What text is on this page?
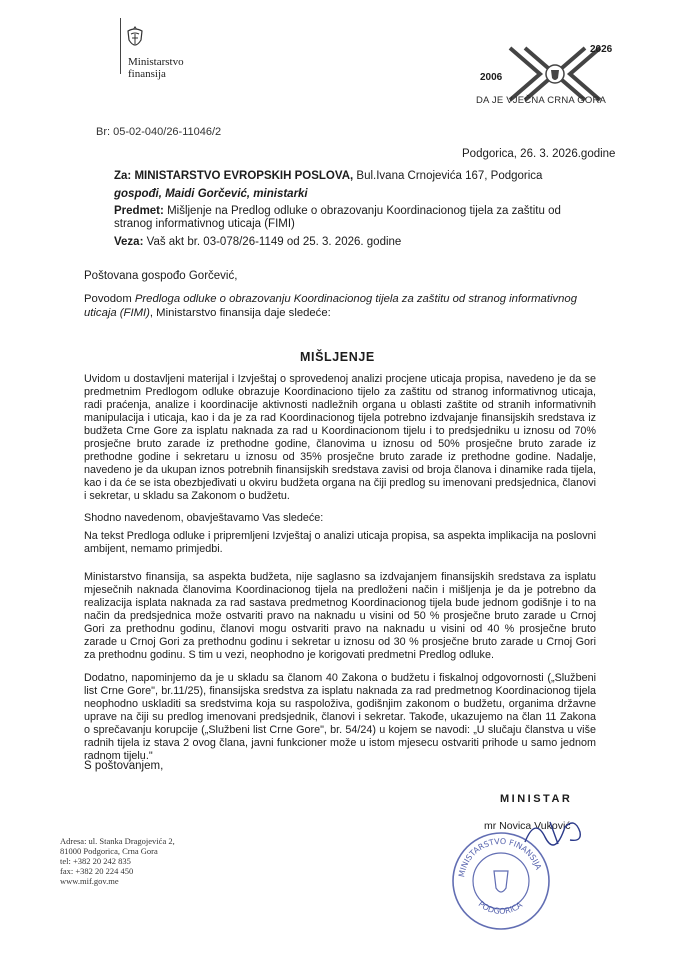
Ministarstvo
finansija	2006
2026
DA JE VJEČNA CRNA GORA
Br: 05-02-040/26-11046/2
Podgorica, 26. 3. 2026.godine
Za: MINISTARSTVO EVROPSKIH POSLOVA, Bul.Ivana Crnojevića 167, Podgorica
gospođi, Maidi Gorčević, ministarki
Predmet: Mišljenje na Predlog odluke o obrazovanju Koordinacionog tijela za zaštitu od stranog informativnog uticaja (FIMI)
Veza: Vaš akt br. 03-078/26-1149 od 25. 3. 2026. godine
Poštovana gospođo Gorčević,
Povodom Predloga odluke o obrazovanju Koordinacionog tijela za zaštitu od stranog informativnog uticaja (FIMI), Ministarstvo finansija daje sledeće:
MIŠLJENJE
Uvidom u dostavljeni materijal i Izvještaj o sprovedenoj analizi procjene uticaja propisa, navedeno je da se predmetnim Predlogom odluke obrazuje Koordinaciono tijelo za zaštitu od stranog informativnog uticaja, radi praćenja, analize i koordinacije aktivnosti nadležnih organa u oblasti zaštite od stranih informativnih manipulacija i uticaja, kao i da je za rad Koordinacionog tijela potrebno izdvajanje finansijskih sredstava iz budžeta Crne Gore za isplatu naknada za rad u Koordinacionom tijelu i to predsjedniku u iznosu od 70% prosječne bruto zarade iz prethodne godine, članovima u iznosu od 50% prosječne bruto zarade iz prethodne godine i sekretaru u iznosu od 35% prosječne bruto zarade iz prethodne godine. Nadalje, navedeno je da ukupan iznos potrebnih finansijskih sredstava zavisi od broja članova i dinamike rada tijela, kao i da će se ista obezbjeđivati u okviru budžeta organa na čiji predlog su imenovani predsjednica, članovi i sekretar, u skladu sa Zakonom o budžetu.
Shodno navedenom, obavještavamo Vas sledeće:
Na tekst Predloga odluke i pripremljeni Izvještaj o analizi uticaja propisa, sa aspekta implikacija na poslovni ambijent, nemamo primjedbi.
Ministarstvo finansija, sa aspekta budžeta, nije saglasno sa izdvajanjem finansijskih sredstava za isplatu mjesečnih naknada članovima Koordinacionog tijela na predloženi način i mišljenja je da je potrebno da realizacija isplata naknada za rad sastava predmetnog Koordinacionog tijela bude jednom godišnje i to na način da predsjednica može ostvariti pravo na naknadu u visini od 50 % prosječne bruto zarade u Crnoj Gori za prethodnu godinu, članovi mogu ostvariti pravo na naknadu u visini od 40 % prosječne bruto zarade u Crnoj Gori za prethodnu godinu i sekretar u iznosu od 30 % prosječne bruto zarade u Crnoj Gori za prethodnu godinu. S tim u vezi, neophodno je korigovati predmetni Predlog odluke.
Dodatno, napominjemo da je u skladu sa članom 40 Zakona o budžetu i fiskalnoj odgovornosti („Službeni list Crne Gore", br.11/25), finansijska sredstva za isplatu naknada za rad predmetnog Koordinacionog tijela neophodno uskladiti sa sredstvima koja su raspoloživa, godišnjim zakonom o budžetu, organima državne uprave na čiji su predlog imenovani predsjednik, članovi i sekretar. Takođe, ukazujemo na član 11 Zakona o sprečavanju korupcije („Službeni list Crne Gore", br. 54/24) u kojem se navodi: „U slučaju članstva u više radnih tijela iz stava 2 ovog člana, javni funkcioner može u istom mjesecu ostvariti prihode u samo jednom radnom tijelu."
S poštovanjem,
MINISTAR
mr Novica Vuković
MINISTARSTVO FINANSIJA
PODGORICA
Adresa: ul. Stanka Dragojevića 2,
81000 Podgorica, Crna Gora
tel: +382 20 242 835
fax: +382 20 224 450
www.mif.gov.me
